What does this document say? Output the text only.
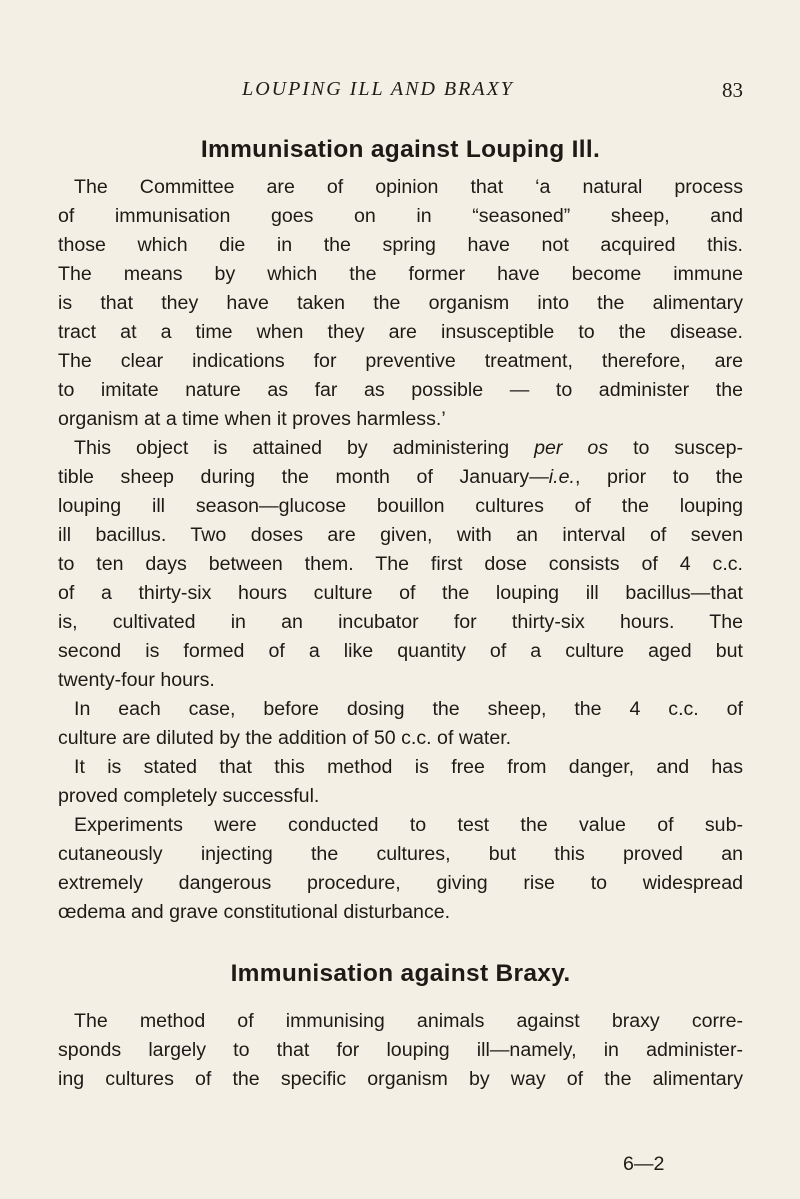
LOUPING ILL AND BRAXY	83
Immunisation against Louping Ill.
The Committee are of opinion that ‘a natural process
of immunisation goes on in “seasoned” sheep, and
those which die in the spring have not acquired this.
The means by which the former have become immune
is that they have taken the organism into the alimentary
tract at a time when they are insusceptible to the disease.
The clear indications for preventive treatment, therefore, are
to imitate nature as far as possible — to administer the
organism at a time when it proves harmless.’
This object is attained by administering per os to suscep-
tible sheep during the month of January—i.e., prior to the
louping ill season—glucose bouillon cultures of the louping
ill bacillus. Two doses are given, with an interval of seven
to ten days between them. The first dose consists of 4 c.c.
of a thirty-six hours culture of the louping ill bacillus—that
is, cultivated in an incubator for thirty-six hours. The
second is formed of a like quantity of a culture aged but
twenty-four hours.
In each case, before dosing the sheep, the 4 c.c. of
culture are diluted by the addition of 50 c.c. of water.
It is stated that this method is free from danger, and has
proved completely successful.
Experiments were conducted to test the value of sub-
cutaneously injecting the cultures, but this proved an
extremely dangerous procedure, giving rise to widespread
œdema and grave constitutional disturbance.
Immunisation against Braxy.
The method of immunising animals against braxy corre-
sponds largely to that for louping ill—namely, in administer-
ing cultures of the specific organism by way of the alimentary
6—2
